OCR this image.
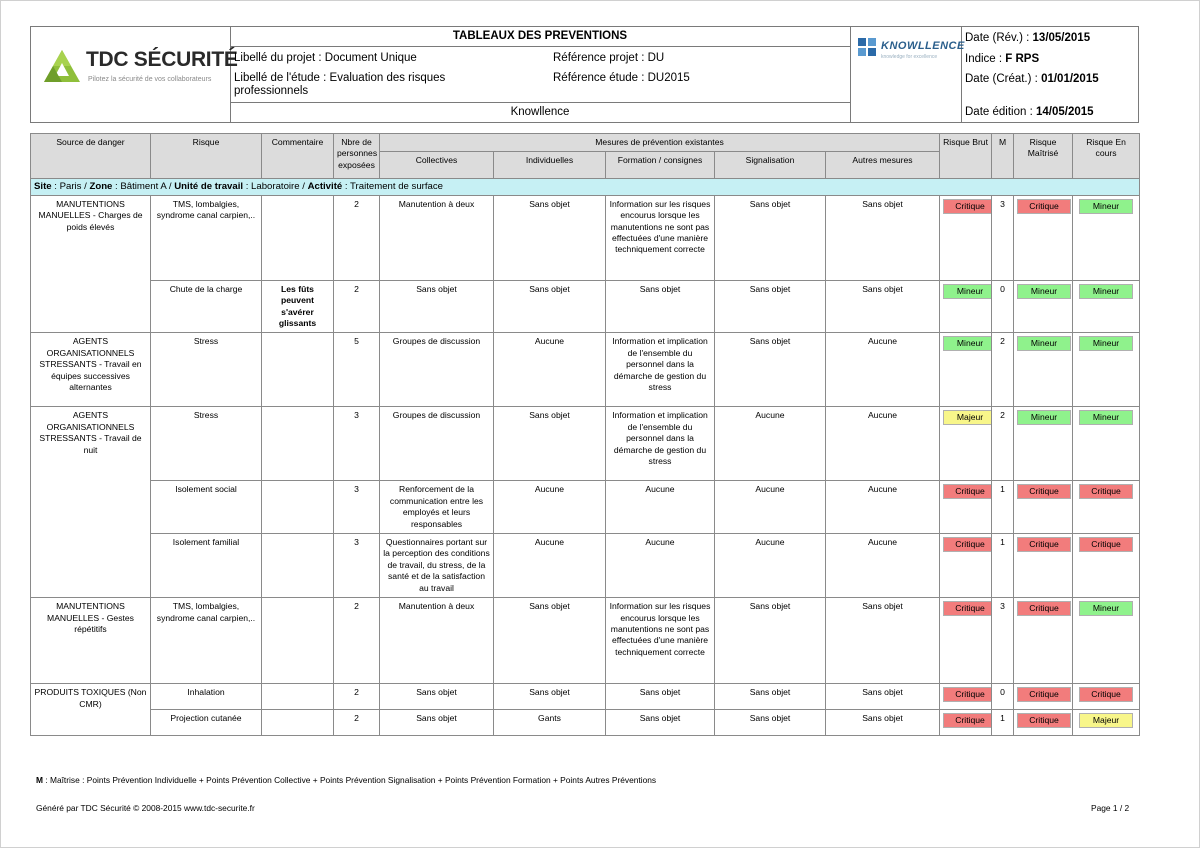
TDC SÉCURITÉ
Pilotez la sécurité de vos collaborateurs
TABLEAUX DES PREVENTIONS
Libellé du projet : Document Unique
Libellé de l'étude : Evaluation des risques professionnels
Référence projet : DU
Référence étude : DU2015
Knowllence
KNOWLLENCE
knowledge for excellence
Date (Rév.) : 13/05/2015
Indice : F RPS
Date (Créat.) : 01/01/2015
Date édition : 14/05/2015
Source de danger	Risque	Commentaire	Nbre de personnes exposées	Mesures de prévention existantes					Risque Brut	M	Risque Maîtrisé	Risque En cours
				Collectives	Individuelles	Formation / consignes	Signalisation	Autres mesures				
Site : Paris / Zone : Bâtiment A / Unité de travail : Laboratoire / Activité : Traitement de surface												
MANUTENTIONS MANUELLES - Charges de poids élevés	TMS, lombalgies, syndrome canal carpien,..		2	Manutention à deux	Sans objet	Information sur les risques encourus lorsque les manutentions ne sont pas effectuées d'une manière techniquement correcte	Sans objet	Sans objet	Critique	3	Critique	Mineur

	Chute de la charge	Les fûts peuvent s'avérer glissants	2	Sans objet	Sans objet	Sans objet	Sans objet	Sans objet	Mineur	0	Mineur	Mineur

AGENTS ORGANISATIONNELS STRESSANTS - Travail en équipes successives alternantes	Stress		5	Groupes de discussion	Aucune	Information et implication de l'ensemble du personnel dans la démarche de gestion du stress	Sans objet	Aucune	Mineur	2	Mineur	Mineur

AGENTS ORGANISATIONNELS STRESSANTS - Travail de nuit	Stress		3	Groupes de discussion	Sans objet	Information et implication de l'ensemble du personnel dans la démarche de gestion du stress	Aucune	Aucune	Majeur	2	Mineur	Mineur

	Isolement social		3	Renforcement de la communication entre les employés et leurs responsables	Aucune	Aucune	Aucune	Aucune	Critique	1	Critique	Critique

	Isolement familial		3	Questionnaires portant sur la perception des conditions de travail, du stress, de la santé et de la satisfaction au travail	Aucune	Aucune	Aucune	Aucune	Critique	1	Critique	Critique

MANUTENTIONS MANUELLES - Gestes répétitifs	TMS, lombalgies, syndrome canal carpien,..		2	Manutention à deux	Sans objet	Information sur les risques encourus lorsque les manutentions ne sont pas effectuées d'une manière techniquement correcte	Sans objet	Sans objet	Critique	3	Critique	Mineur

PRODUITS TOXIQUES (Non CMR)	Inhalation		2	Sans objet	Sans objet	Sans objet	Sans objet	Sans objet	Critique	0	Critique	Critique

	Projection cutanée		2	Sans objet	Gants	Sans objet	Sans objet	Sans objet	Critique	1	Critique	Majeur
M : Maîtrise : Points Prévention Individuelle + Points Prévention Collective + Points Prévention Signalisation + Points Prévention Formation + Points Autres Préventions
Généré par TDC Sécurité © 2008-2015 www.tdc-securite.fr	Page 1 / 2
